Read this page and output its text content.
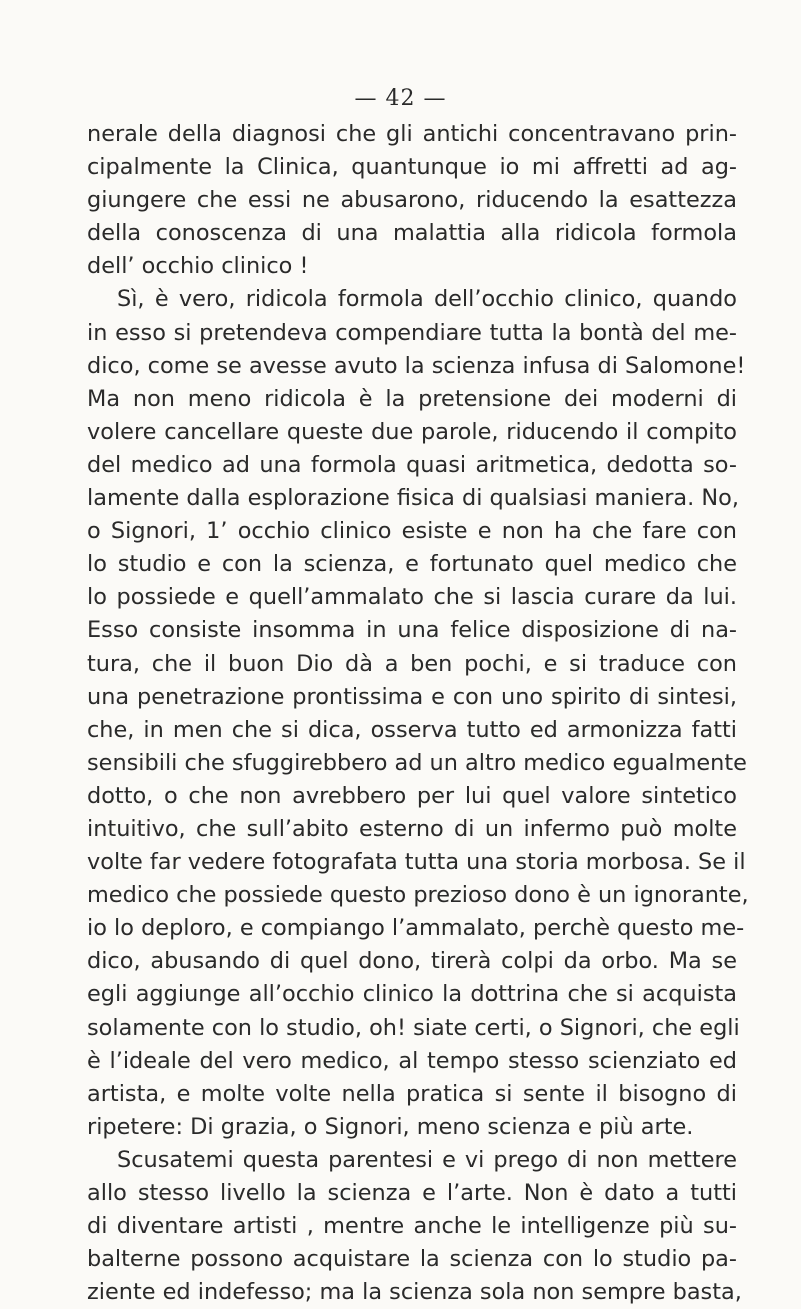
— 42 —
nerale della diagnosi che gli antichi concentravano prin-
cipalmente la Clinica, quantunque io mi affretti ad ag-
giungere che essi ne abusarono, riducendo la esattezza
della conoscenza di una malattia alla ridicola formola
dell’ occhio clinico !
Sì, è vero, ridicola formola dell’occhio clinico, quando
in esso si pretendeva compendiare tutta la bontà del me-
dico, come se avesse avuto la scienza infusa di Salomone!
Ma non meno ridicola è la pretensione dei moderni di
volere cancellare queste due parole, riducendo il compito
del medico ad una formola quasi aritmetica, dedotta so-
lamente dalla esplorazione fisica di qualsiasi maniera. No,
o Signori, 1’ occhio clinico esiste e non ha che fare con
lo studio e con la scienza, e fortunato quel medico che
lo possiede e quell’ammalato che si lascia curare da lui.
Esso consiste insomma in una felice disposizione di na-
tura, che il buon Dio dà a ben pochi, e si traduce con
una penetrazione prontissima e con uno spirito di sintesi,
che, in men che si dica, osserva tutto ed armonizza fatti
sensibili che sfuggirebbero ad un altro medico egualmente
dotto, o che non avrebbero per lui quel valore sintetico
intuitivo, che sull’abito esterno di un infermo può molte
volte far vedere fotografata tutta una storia morbosa. Se il
medico che possiede questo prezioso dono è un ignorante,
io lo deploro, e compiango l’ammalato, perchè questo me-
dico, abusando di quel dono, tirerà colpi da orbo. Ma se
egli aggiunge all’occhio clinico la dottrina che si acquista
solamente con lo studio, oh! siate certi, o Signori, che egli
è l’ideale del vero medico, al tempo stesso scienziato ed
artista, e molte volte nella pratica si sente il bisogno di
ripetere: Di grazia, o Signori, meno scienza e più arte.
Scusatemi questa parentesi e vi prego di non mettere
allo stesso livello la scienza e l’arte. Non è dato a tutti
di diventare artisti , mentre anche le intelligenze più su-
balterne possono acquistare la scienza con lo studio pa-
ziente ed indefesso; ma la scienza sola non sempre basta,
